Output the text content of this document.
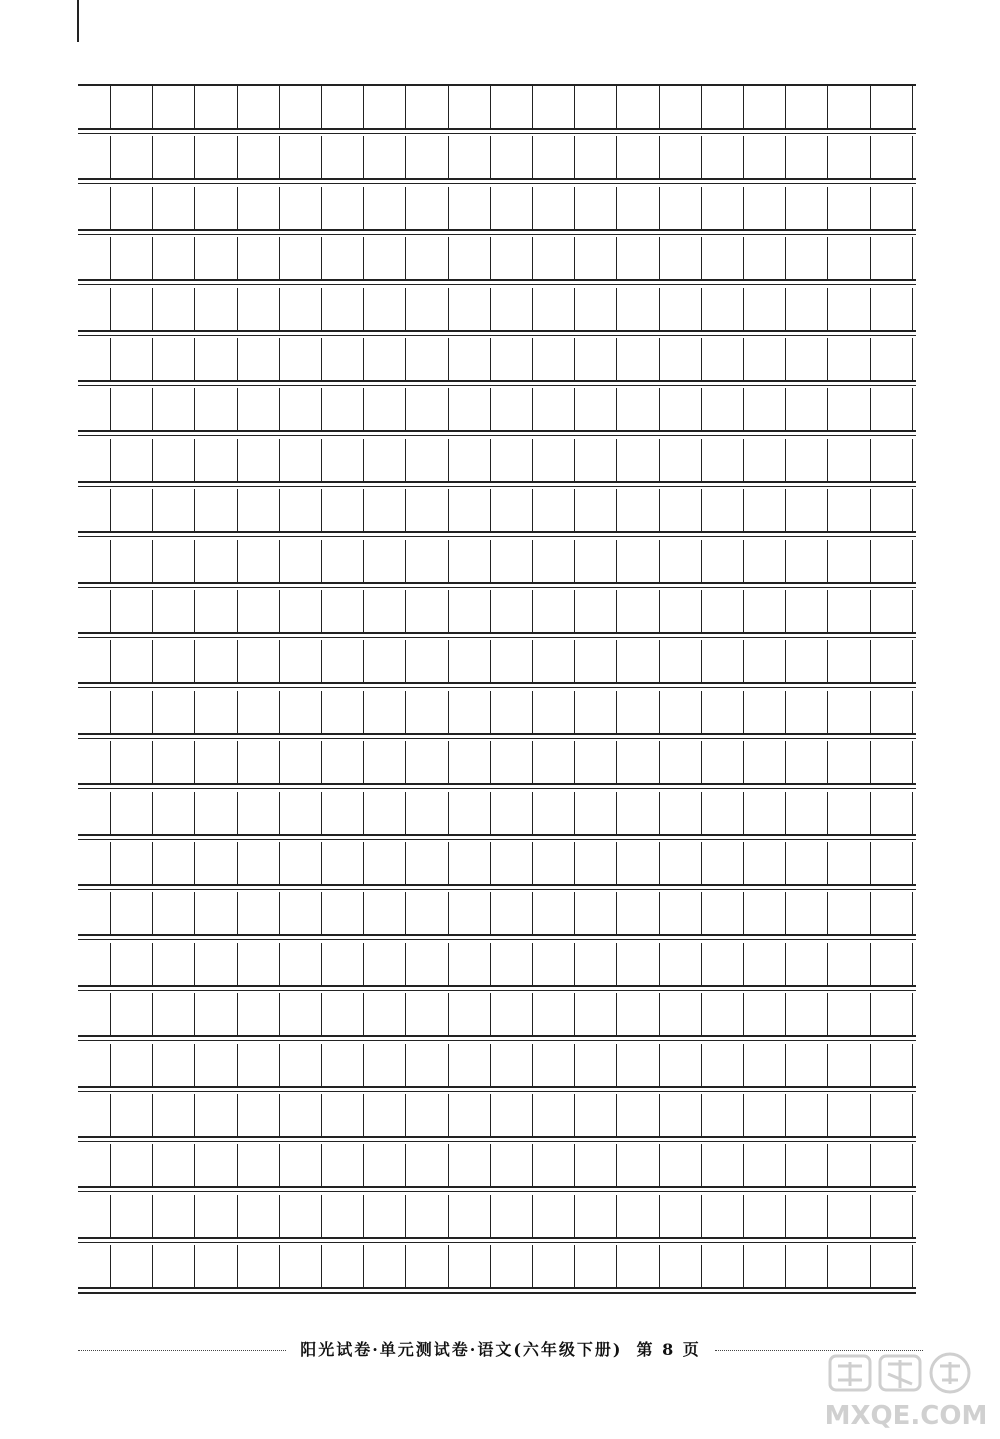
阳光试卷·单元测试卷·语文(六年级下册) 第 8 页
MXQE.COM
